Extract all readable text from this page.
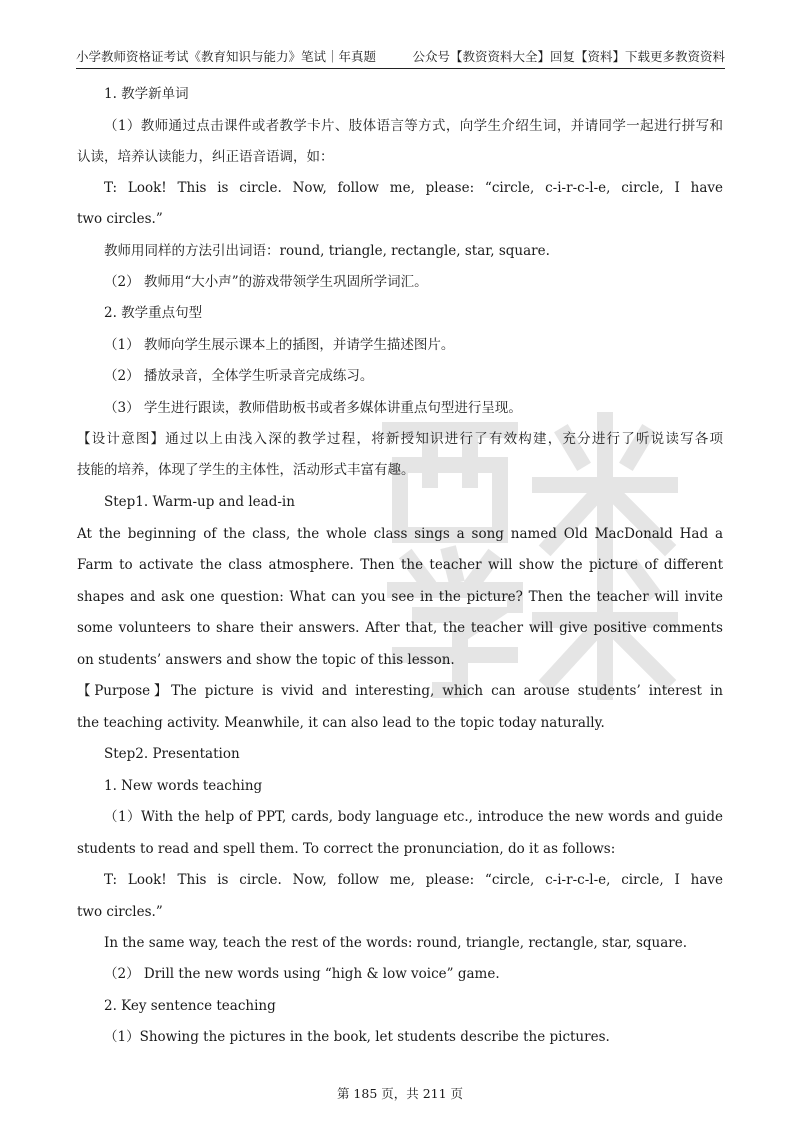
小学教师资格证考试《教育知识与能力》笔试｜年真题	公众号【教资资料大全】回复【资料】下载更多教资资料
1. 教学新单词
（1）教师通过点击课件或者教学卡片、肢体语言等方式，向学生介绍生词，并请同学一起进行拼写和
认读，培养认读能力，纠正语音语调，如：
T: Look! This is circle. Now, follow me, please: “circle, c-i-r-c-l-e, circle, I have
two circles.”
教师用同样的方法引出词语：round, triangle, rectangle, star, square.
（2） 教师用“大小声”的游戏带领学生巩固所学词汇。
2. 教学重点句型
（1） 教师向学生展示课本上的插图，并请学生描述图片。
（2） 播放录音，全体学生听录音完成练习。
（3） 学生进行跟读，教师借助板书或者多媒体讲重点句型进行呈现。
【设计意图】通过以上由浅入深的教学过程，将新授知识进行了有效构建，充分进行了听说读写各项
技能的培养，体现了学生的主体性，活动形式丰富有趣。
Step1. Warm-up and lead-in
At the beginning of the class, the whole class sings a song named Old MacDonald Had a
Farm to activate the class atmosphere. Then the teacher will show the picture of different
shapes and ask one question: What can you see in the picture? Then the teacher will invite
some volunteers to share their answers. After that, the teacher will give positive comments
on students’ answers and show the topic of this lesson.
【Purpose】The picture is vivid and interesting, which can arouse students’ interest in
the teaching activity. Meanwhile, it can also lead to the topic today naturally.
Step2. Presentation
1. New words teaching
（1）With the help of PPT, cards, body language etc., introduce the new words and guide
students to read and spell them. To correct the pronunciation, do it as follows:
T: Look! This is circle. Now, follow me, please: “circle, c-i-r-c-l-e, circle, I have
two circles.”
In the same way, teach the rest of the words: round, triangle, rectangle, star, square.
（2） Drill the new words using “high & low voice” game.
2. Key sentence teaching
（1）Showing the pictures in the book, let students describe the pictures.
第 185 页，共 211 页
